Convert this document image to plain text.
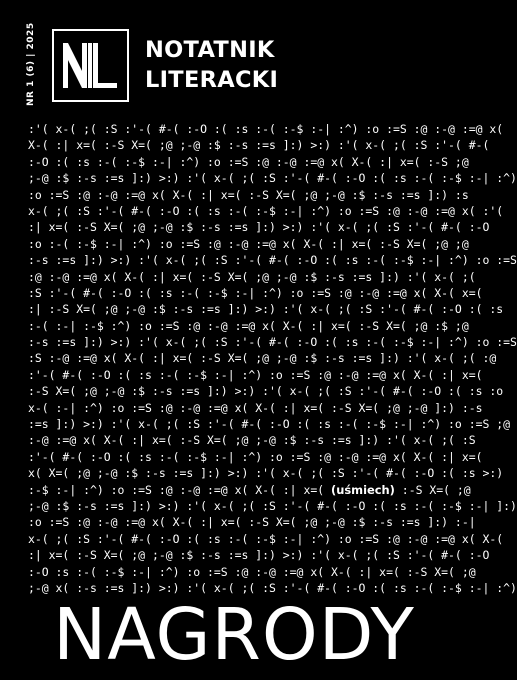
NR 1 (6) | 2025	NOTATNIK
LITERACKI
:'( x-( ;( :S :'-( #-( :-O :( :s :-( :-$ :-| :^) :o :=S :@ :-@ :=@ x(
X-( :| x=( :-S X=( ;@ ;-@ :$ :-s :=s ]:) >:) :'( x-( ;( :S :'-( #-(
:-O :( :s :-( :-$ :-| :^) :o :=S :@ :-@ :=@ x( X-( :| x=( :-S ;@
;-@ :$ :-s :=s ]:) >:) :'( x-( ;( :S :'-( #-( :-O :( :s :-( :-$ :-| :^)
:o :=S :@ :-@ :=@ x( X-( :| x=( :-S X=( ;@ ;-@ :$ :-s :=s ]:) :s
x-( ;( :S :'-( #-( :-O :( :s :-( :-$ :-| :^) :o :=S :@ :-@ :=@ x( :'(
:| x=( :-S X=( ;@ ;-@ :$ :-s :=s ]:) >:) :'( x-( ;( :S :'-( #-( :-O
:o :-( :-$ :-| :^) :o :=S :@ :-@ :=@ x( X-( :| x=( :-S X=( ;@ ;@
:-s :=s ]:) >:) :'( x-( ;( :S :'-( #-( :-O :( :s :-( :-$ :-| :^) :o :=S
:@ :-@ :=@ x( X-( :| x=( :-S X=( ;@ ;-@ :$ :-s :=s ]:) :'( x-( ;(
:S :'-( #-( :-O :( :s :-( :-$ :-| :^) :o :=S :@ :-@ :=@ x( X-( x=(
:| :-S X=( ;@ ;-@ :$ :-s :=s ]:) >:) :'( x-( ;( :S :'-( #-( :-O :( :s
:-( :-| :-$ :^) :o :=S :@ :-@ :=@ x( X-( :| x=( :-S X=( ;@ :$ ;@
:-s :=s ]:) >:) :'( x-( ;( :S :'-( #-( :-O :( :s :-( :-$ :-| :^) :o :=S
:S :-@ :=@ x( X-( :| x=( :-S X=( ;@ ;-@ :$ :-s :=s ]:) :'( x-( ;( :@
:'-( #-( :-O :( :s :-( :-$ :-| :^) :o :=S :@ :-@ :=@ x( X-( :| x=(
:-S X=( ;@ ;-@ :$ :-s :=s ]:) >:) :'( x-( ;( :S :'-( #-( :-O :( :s :o
x-( :-| :^) :o :=S :@ :-@ :=@ x( X-( :| x=( :-S X=( ;@ ;-@ ]:) :-s
:=s ]:) >:) :'( x-( ;( :S :'-( #-( :-O :( :s :-( :-$ :-| :^) :o :=S ;@
:-@ :=@ x( X-( :| x=( :-S X=( ;@ ;-@ :$ :-s :=s ]:) :'( x-( ;( :S
:'-( #-( :-O :( :s :-( :-$ :-| :^) :o :=S :@ :-@ :=@ x( X-( :| x=(
x( X=( ;@ ;-@ :$ :-s :=s ]:) >:) :'( x-( ;( :S :'-( #-( :-O :( :s >:)
:-$ :-| :^) :o :=S :@ :-@ :=@ x( X-( :| x=( (uśmiech) :-S X=( ;@
;-@ :$ :-s :=s ]:) >:) :'( x-( ;( :S :'-( #-( :-O :( :s :-( :-$ :-| ]:)
:o :=S :@ :-@ :=@ x( X-( :| x=( :-S X=( ;@ ;-@ :$ :-s :=s ]:) :-|
x-( ;( :S :'-( #-( :-O :( :s :-( :-$ :-| :^) :o :=S :@ :-@ :=@ x( X-(
:| x=( :-S X=( ;@ ;-@ :$ :-s :=s ]:) >:) :'( x-( ;( :S :'-( #-( :-O
:-O :s :-( :-$ :-| :^) :o :=S :@ :-@ :=@ x( X-( :| x=( :-S X=( ;@
;-@ x( :-s :=s ]:) >:) :'( x-( ;( :S :'-( #-( :-O :( :s :-( :-$ :-| :^)
NAGRODY
